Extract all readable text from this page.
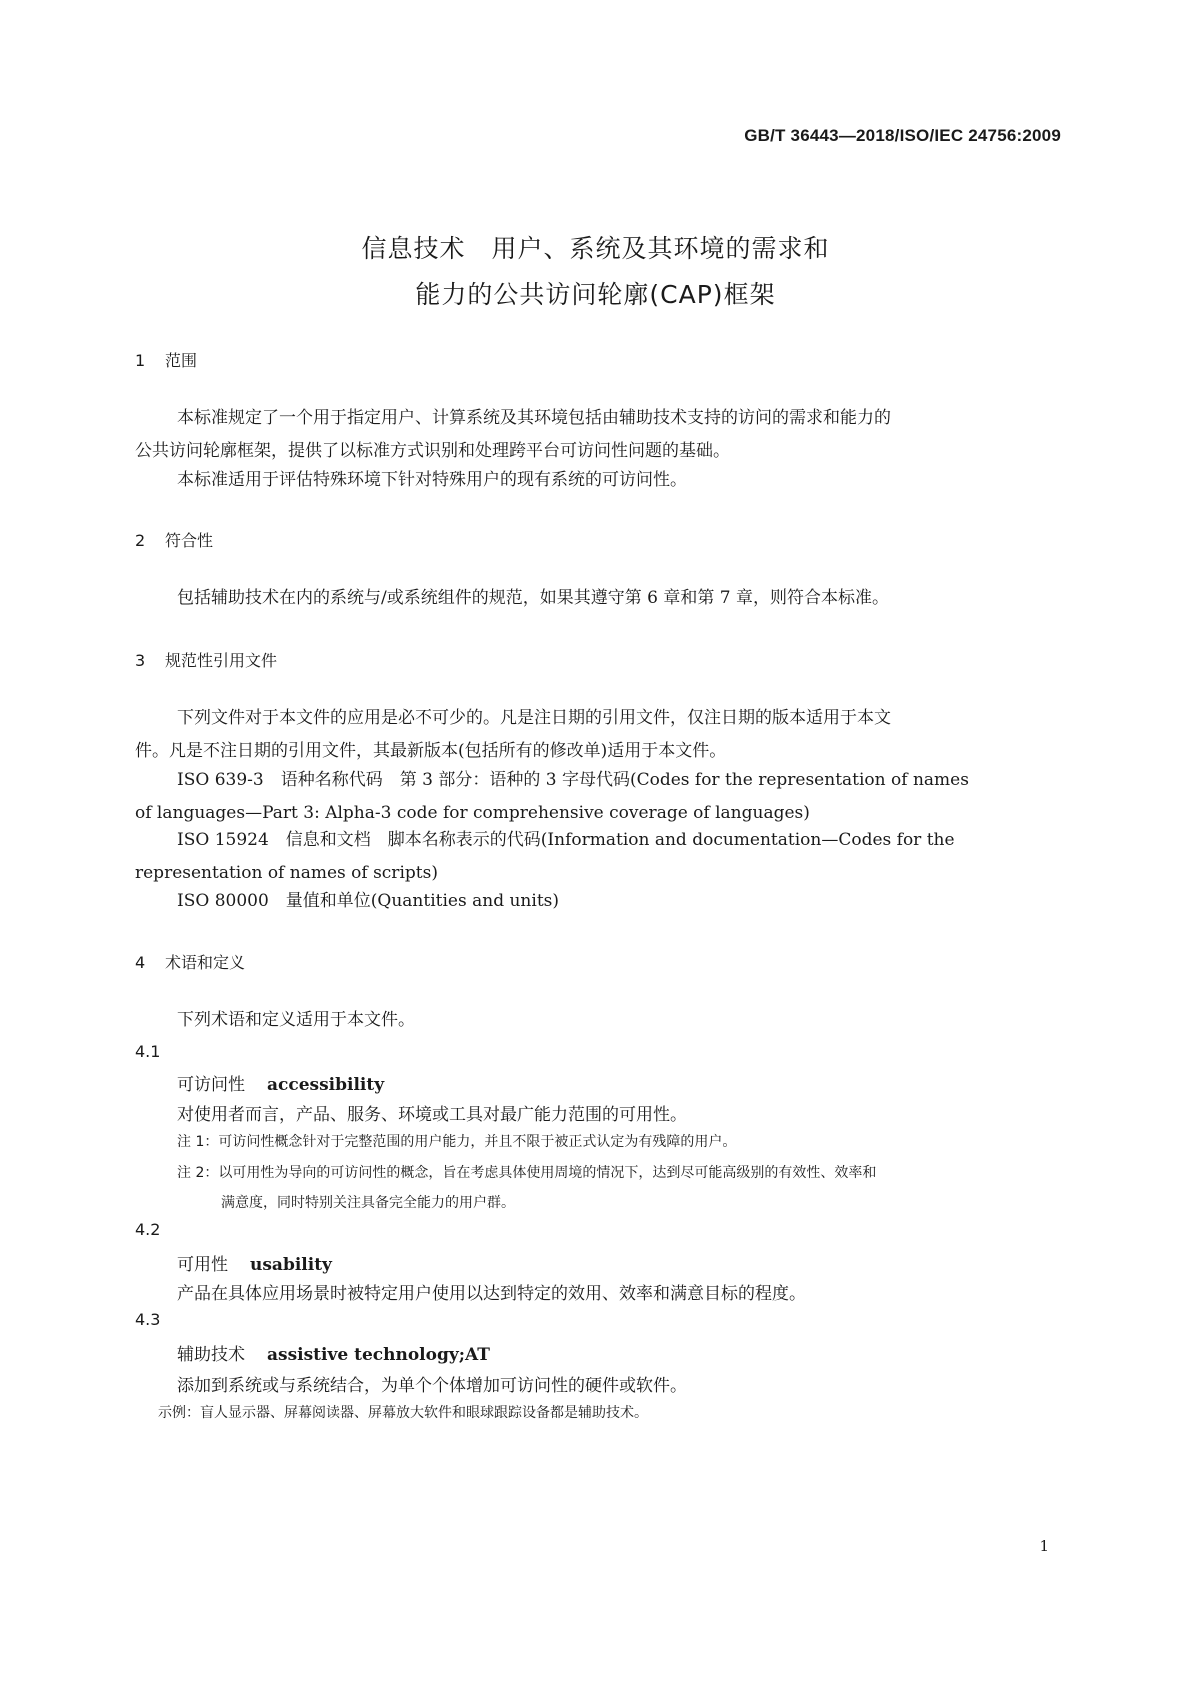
GB/T 36443—2018/ISO/IEC 24756:2009
信息技术　用户、系统及其环境的需求和
能力的公共访问轮廓(CAP)框架
1 范围
本标准规定了一个用于指定用户、计算系统及其环境包括由辅助技术支持的访问的需求和能力的
公共访问轮廓框架，提供了以标准方式识别和处理跨平台可访问性问题的基础。
本标准适用于评估特殊环境下针对特殊用户的现有系统的可访问性。
2 符合性
包括辅助技术在内的系统与/或系统组件的规范，如果其遵守第 6 章和第 7 章，则符合本标准。
3 规范性引用文件
下列文件对于本文件的应用是必不可少的。凡是注日期的引用文件，仅注日期的版本适用于本文
件。凡是不注日期的引用文件，其最新版本(包括所有的修改单)适用于本文件。
ISO 639-3　语种名称代码　第 3 部分：语种的 3 字母代码(Codes for the representation of names
of languages—Part 3: Alpha-3 code for comprehensive coverage of languages)
ISO 15924　信息和文档　脚本名称表示的代码(Information and documentation—Codes for the
representation of names of scripts)
ISO 80000　量值和单位(Quantities and units)
4 术语和定义
下列术语和定义适用于本文件。
4.1
可访问性 accessibility
对使用者而言，产品、服务、环境或工具对最广能力范围的可用性。
注 1：可访问性概念针对于完整范围的用户能力，并且不限于被正式认定为有残障的用户。
注 2：以可用性为导向的可访问性的概念，旨在考虑具体使用周境的情况下，达到尽可能高级别的有效性、效率和
满意度，同时特别关注具备完全能力的用户群。
4.2
可用性 usability
产品在具体应用场景时被特定用户使用以达到特定的效用、效率和满意目标的程度。
4.3
辅助技术 assistive technology;AT
添加到系统或与系统结合，为单个个体增加可访问性的硬件或软件。
示例：盲人显示器、屏幕阅读器、屏幕放大软件和眼球跟踪设备都是辅助技术。
1
